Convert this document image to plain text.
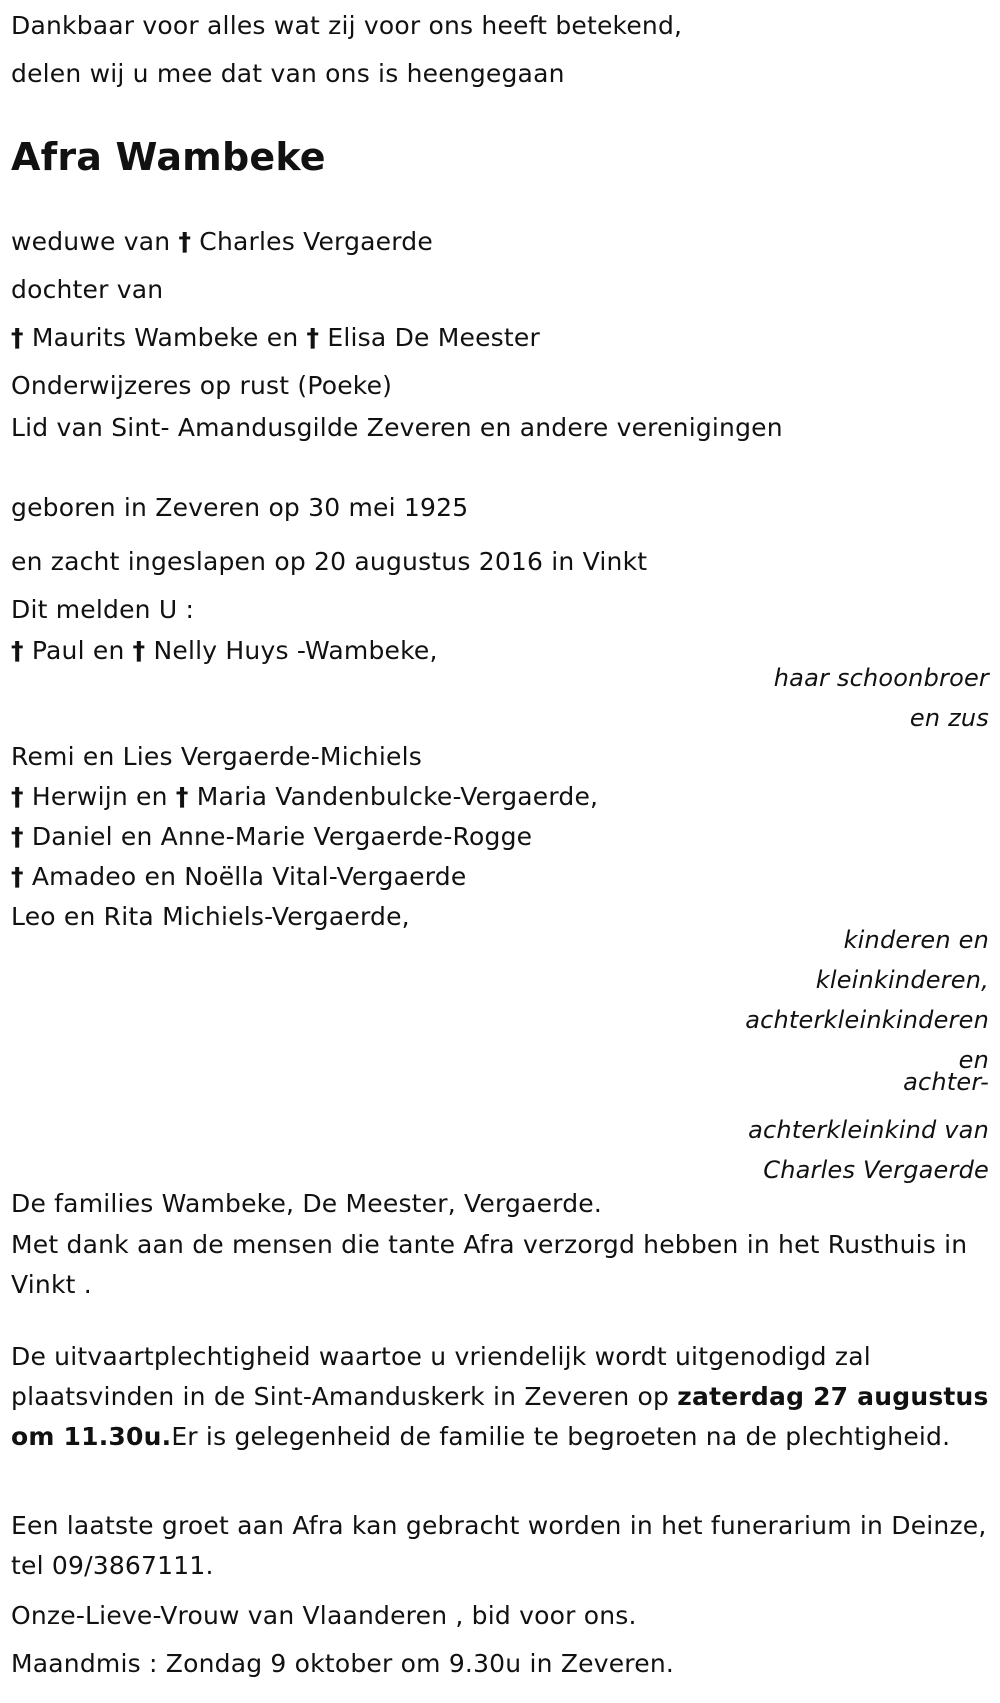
Dankbaar voor alles wat zij voor ons heeft betekend,
delen wij u mee dat van ons is heengegaan
Afra Wambeke
weduwe van † Charles Vergaerde
dochter van
† Maurits Wambeke en † Elisa De Meester
Onderwijzeres op rust (Poeke)
Lid van Sint- Amandusgilde Zeveren en andere verenigingen
geboren in Zeveren op 30 mei 1925
en zacht ingeslapen op 20 augustus 2016 in Vinkt
Dit melden U :
† Paul en † Nelly Huys -Wambeke,
haar schoonbroer
en zus
Remi en Lies Vergaerde-Michiels
† Herwijn en † Maria Vandenbulcke-Vergaerde,
† Daniel en Anne-Marie Vergaerde-Rogge
† Amadeo en Noëlla Vital-Vergaerde
Leo en Rita Michiels-Vergaerde,
kinderen en
kleinkinderen,
achterkleinkinderen
en
achter-
achterkleinkind van
Charles Vergaerde
De families Wambeke, De Meester, Vergaerde.
Met dank aan de mensen die tante Afra verzorgd hebben in het Rusthuis in Vinkt .
De uitvaartplechtigheid waartoe u vriendelijk wordt uitgenodigd zal plaatsvinden in de Sint-Amanduskerk in Zeveren op zaterdag 27 augustus om 11.30u.Er is gelegenheid de familie te begroeten na de plechtigheid.
Een laatste groet aan Afra kan gebracht worden in het funerarium in Deinze, tel 09/3867111.
Onze-Lieve-Vrouw van Vlaanderen , bid voor ons.
Maandmis : Zondag 9 oktober om 9.30u in Zeveren.
